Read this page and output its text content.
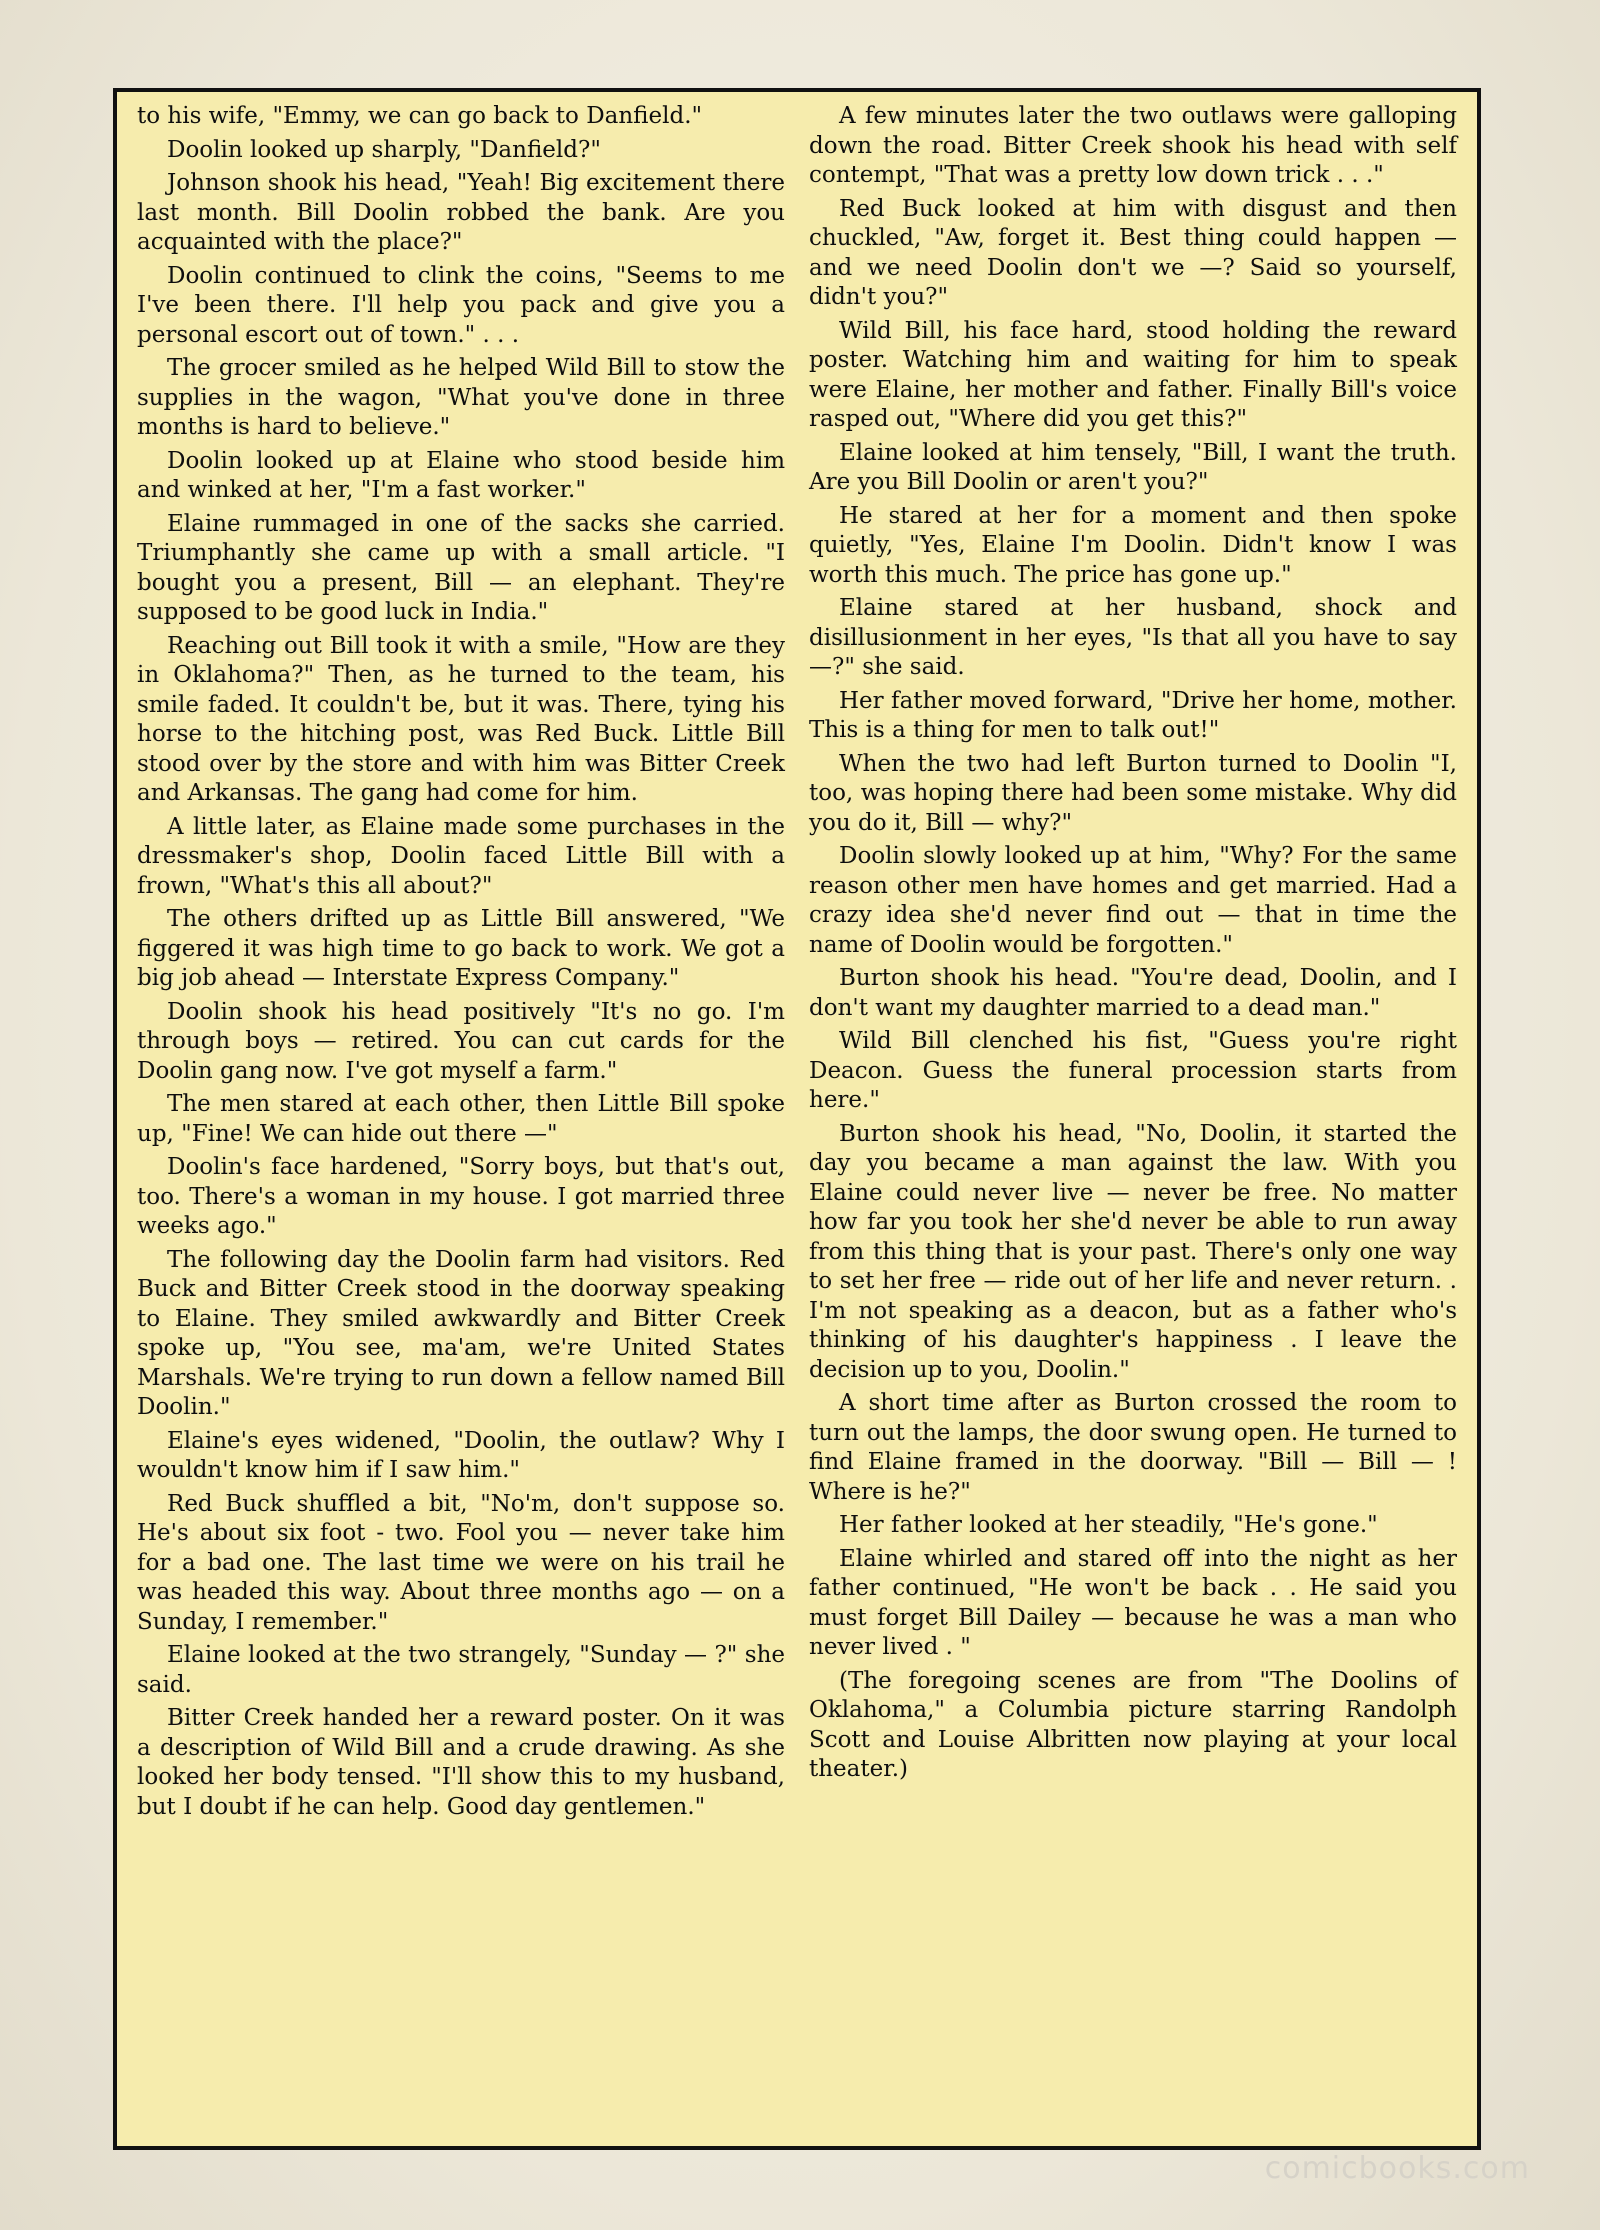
to his wife, "Emmy, we can go back to Danfield."

Doolin looked up sharply, "Danfield?"

Johnson shook his head, "Yeah! Big excitement there last month. Bill Doolin robbed the bank. Are you acquainted with the place?"

Doolin continued to clink the coins, "Seems to me I've been there. I'll help you pack and give you a personal escort out of town." . . .

The grocer smiled as he helped Wild Bill to stow the supplies in the wagon, "What you've done in three months is hard to believe."

Doolin looked up at Elaine who stood beside him and winked at her, "I'm a fast worker."

Elaine rummaged in one of the sacks she carried. Triumphantly she came up with a small article. "I bought you a present, Bill — an elephant. They're supposed to be good luck in India."

Reaching out Bill took it with a smile, "How are they in Oklahoma?" Then, as he turned to the team, his smile faded. It couldn't be, but it was. There, tying his horse to the hitching post, was Red Buck. Little Bill stood over by the store and with him was Bitter Creek and Arkansas. The gang had come for him.

A little later, as Elaine made some purchases in the dressmaker's shop, Doolin faced Little Bill with a frown, "What's this all about?"

The others drifted up as Little Bill answered, "We figgered it was high time to go back to work. We got a big job ahead — Interstate Express Company."

Doolin shook his head positively "It's no go. I'm through boys — retired. You can cut cards for the Doolin gang now. I've got myself a farm."

The men stared at each other, then Little Bill spoke up, "Fine! We can hide out there —"

Doolin's face hardened, "Sorry boys, but that's out, too. There's a woman in my house. I got married three weeks ago."

The following day the Doolin farm had visitors. Red Buck and Bitter Creek stood in the doorway speaking to Elaine. They smiled awkwardly and Bitter Creek spoke up, "You see, ma'am, we're United States Marshals. We're trying to run down a fellow named Bill Doolin."

Elaine's eyes widened, "Doolin, the outlaw? Why I wouldn't know him if I saw him."

Red Buck shuffled a bit, "No'm, don't suppose so. He's about six foot - two. Fool you — never take him for a bad one. The last time we were on his trail he was headed this way. About three months ago — on a Sunday, I remember."

Elaine looked at the two strangely, "Sunday — ?" she said.

Bitter Creek handed her a reward poster. On it was a description of Wild Bill and a crude drawing. As she looked her body tensed. "I'll show this to my husband, but I doubt if he can help. Good day gentlemen."

A few minutes later the two outlaws were galloping down the road. Bitter Creek shook his head with self contempt, "That was a pretty low down trick . . ."

Red Buck looked at him with disgust and then chuckled, "Aw, forget it. Best thing could happen — and we need Doolin don't we —? Said so yourself, didn't you?"

Wild Bill, his face hard, stood holding the reward poster. Watching him and waiting for him to speak were Elaine, her mother and father. Finally Bill's voice rasped out, "Where did you get this?"

Elaine looked at him tensely, "Bill, I want the truth. Are you Bill Doolin or aren't you?"

He stared at her for a moment and then spoke quietly, "Yes, Elaine I'm Doolin. Didn't know I was worth this much. The price has gone up."

Elaine stared at her husband, shock and disillusionment in her eyes, "Is that all you have to say —?" she said.

Her father moved forward, "Drive her home, mother. This is a thing for men to talk out!"

When the two had left Burton turned to Doolin "I, too, was hoping there had been some mistake. Why did you do it, Bill — why?"

Doolin slowly looked up at him, "Why? For the same reason other men have homes and get married. Had a crazy idea she'd never find out — that in time the name of Doolin would be forgotten."

Burton shook his head. "You're dead, Doolin, and I don't want my daughter married to a dead man."

Wild Bill clenched his fist, "Guess you're right Deacon. Guess the funeral procession starts from here."

Burton shook his head, "No, Doolin, it started the day you became a man against the law. With you Elaine could never live — never be free. No matter how far you took her she'd never be able to run away from this thing that is your past. There's only one way to set her free — ride out of her life and never return. . I'm not speaking as a deacon, but as a father who's thinking of his daughter's happiness . I leave the decision up to you, Doolin."

A short time after as Burton crossed the room to turn out the lamps, the door swung open. He turned to find Elaine framed in the doorway. "Bill — Bill — ! Where is he?"

Her father looked at her steadily, "He's gone."

Elaine whirled and stared off into the night as her father continued, "He won't be back . . He said you must forget Bill Dailey — because he was a man who never lived . "

(The foregoing scenes are from "The Doolins of Oklahoma," a Columbia picture starring Randolph Scott and Louise Albritten now playing at your local theater.)

comicbooks.com
